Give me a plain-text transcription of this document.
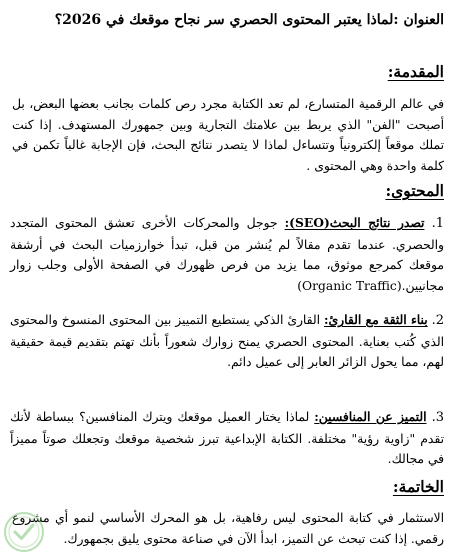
العنوان :لماذا يعتبر المحتوى الحصري سر نجاح موقعك في 2026؟
المقدمة:
في عالم الرقمية المتسارع، لم تعد الكتابة مجرد رص كلمات بجانب بعضها البعض، بل أصبحت "الفن" الذي يربط بين علامتك التجارية وبين جمهورك المستهدف. إذا كنت تملك موقعاً إلكترونياً وتتساءل لماذا لا يتصدر نتائج البحث، فإن الإجابة غالباً تكمن في كلمة واحدة وهي المحتوى .
المحتوى:
1. تصدر نتائج البحث(SEO): جوجل والمحركات الأخرى تعشق المحتوى المتجدد والحصري. عندما تقدم مقالاً لم يُنشر من قبل، تبدأ خوارزميات البحث في أرشفة موقعك كمرجع موثوق، مما يزيد من فرص ظهورك في الصفحة الأولى وجلب زوار مجانيين.(Organic Traffic)
2. بناء الثقة مع القارئ: القارئ الذكي يستطيع التمييز بين المحتوى المنسوخ والمحتوى الذي كُتب بعناية. المحتوى الحصري يمنح زوارك شعوراً بأنك تهتم بتقديم قيمة حقيقية لهم، مما يحول الزائر العابر إلى عميل دائم.
3. التميز عن المنافسين: لماذا يختار العميل موقعك ويترك المنافسين؟ ببساطة لأنك تقدم "زاوية رؤية" مختلفة. الكتابة الإبداعية تبرز شخصية موقعك وتجعلك صوتاً مميزاً في مجالك.
الخاتمة:
الاستثمار في كتابة المحتوى ليس رفاهية، بل هو المحرك الأساسي لنمو أي مشروع رقمي. إذا كنت تبحث عن التميز، ابدأ الآن في صناعة محتوى يليق بجمهورك.
